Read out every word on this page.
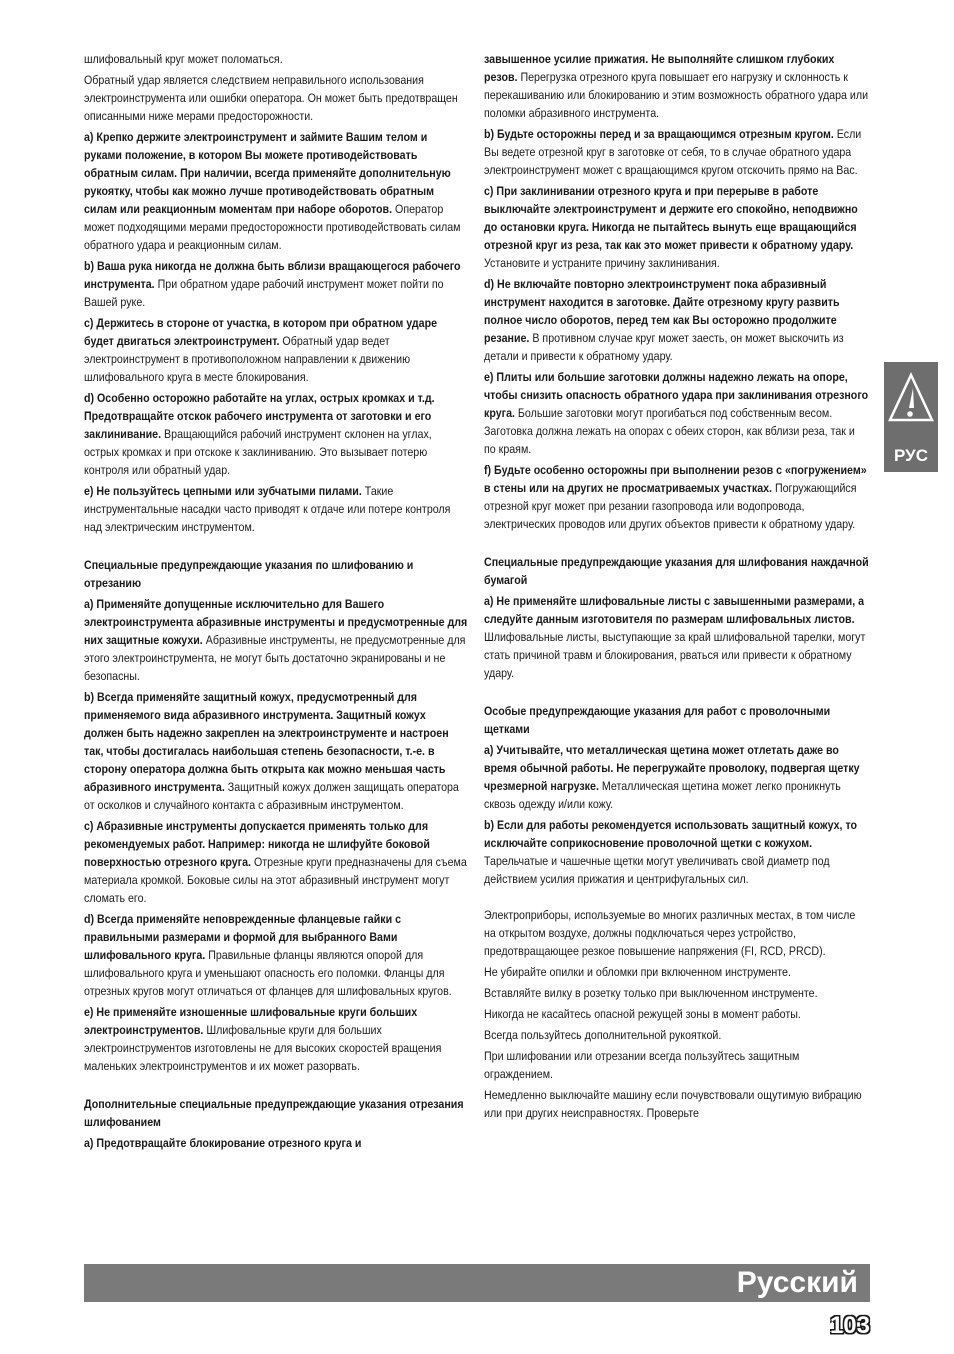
шлифовальный круг может поломаться.

Обратный удар является следствием неправильного использования электроинструмента или ошибки оператора. Он может быть предотвращен описанными ниже мерами предосторожности.

a) Крепко держите электроинструмент и займите Вашим телом и руками положение, в котором Вы можете противодействовать обратным силам. При наличии, всегда применяйте дополнительную рукоятку, чтобы как можно лучше противодействовать обратным силам или реакционным моментам при наборе оборотов. Оператор может подходящими мерами предосторожности противодействовать силам обратного удара и реакционным силам.

b) Ваша рука никогда не должна быть вблизи вращающегося рабочего инструмента. При обратном ударе рабочий инструмент может пойти по Вашей руке.

c) Держитесь в стороне от участка, в котором при обратном ударе будет двигаться электроинструмент. Обратный удар ведет электроинструмент в противоположном направлении к движению шлифовального круга в месте блокирования.

d) Особенно осторожно работайте на углах, острых кромках и т.д. Предотвращайте отскок рабочего инструмента от заготовки и его заклинивание. Вращающийся рабочий инструмент склонен на углах, острых кромках и при отскоке к заклиниванию. Это вызывает потерю контроля или обратный удар.

e) Не пользуйтесь цепными или зубчатыми пилами. Такие инструментальные насадки часто приводят к отдаче или потере контроля над электрическим инструментом.

Специальные предупреждающие указания по шлифованию и отрезанию

a) Применяйте допущенные исключительно для Вашего электроинструмента абразивные инструменты и предусмотренные для них защитные кожухи. Абразивные инструменты, не предусмотренные для этого электроинструмента, не могут быть достаточно экранированы и не безопасны.

b) Всегда применяйте защитный кожух, предусмотренный для применяемого вида абразивного инструмента. Защитный кожух должен быть надежно закреплен на электроинструменте и настроен так, чтобы достигалась наибольшая степень безопасности, т.-е. в сторону оператора должна быть открыта как можно меньшая часть абразивного инструмента. Защитный кожух должен защищать оператора от осколков и случайного контакта с абразивным инструментом.

c) Абразивные инструменты допускается применять только для рекомендуемых работ. Например: никогда не шлифуйте боковой поверхностью отрезного круга. Отрезные круги предназначены для съема материала кромкой. Боковые силы на этот абразивный инструмент могут сломать его.

d) Всегда применяйте неповрежденные фланцевые гайки с правильными размерами и формой для выбранного Вами шлифовального круга. Правильные фланцы являются опорой для шлифовального круга и уменьшают опасность его поломки. Фланцы для отрезных кругов могут отличаться от фланцев для шлифовальных кругов.

e) Не применяйте изношенные шлифовальные круги больших электроинструментов. Шлифовальные круги для больших электроинструментов изготовлены не для высоких скоростей вращения маленьких электроинструментов и их может разорвать.

Дополнительные специальные предупреждающие указания отрезания шлифованием

a) Предотвращайте блокирование отрезного круга и

завышенное усилие прижатия. Не выполняйте слишком глубоких резов. Перегрузка отрезного круга повышает его нагрузку и склонность к перекашиванию или блокированию и этим возможность обратного удара или поломки абразивного инструмента.

b) Будьте осторожны перед и за вращающимся отрезным кругом. Если Вы ведете отрезной круг в заготовке от себя, то в случае обратного удара электроинструмент может с вращающимся кругом отскочить прямо на Вас.

c) При заклинивании отрезного круга и при перерыве в работе выключайте электроинструмент и держите его спокойно, неподвижно до остановки круга. Никогда не пытайтесь вынуть еще вращающийся отрезной круг из реза, так как это может привести к обратному удару. Установите и устраните причину заклинивания.

d) Не включайте повторно электроинструмент пока абразивный инструмент находится в заготовке. Дайте отрезному кругу развить полное число оборотов, перед тем как Вы осторожно продолжите резание. В противном случае круг может заесть, он может выскочить из детали и привести к обратному удару.

e) Плиты или большие заготовки должны надежно лежать на опоре, чтобы снизить опасность обратного удара при заклинивания отрезного круга. Большие заготовки могут прогибаться под собственным весом. Заготовка должна лежать на опорах с обеих сторон, как вблизи реза, так и по краям.

f) Будьте особенно осторожны при выполнении резов с «погружением» в стены или на других не просматриваемых участках. Погружающийся отрезной круг может при резании газопровода или водопровода, электрических проводов или других объектов привести к обратному удару.

Специальные предупреждающие указания для шлифования наждачной бумагой

a) Не применяйте шлифовальные листы с завышенными размерами, а следуйте данным изготовителя по размерам шлифовальных листов. Шлифовальные листы, выступающие за край шлифовальной тарелки, могут стать причиной травм и блокирования, рваться или привести к обратному удару.

Особые предупреждающие указания для работ с проволочными щетками

a) Учитывайте, что металлическая щетина может отлетать даже во время обычной работы. Не перегружайте проволоку, подвергая щетку чрезмерной нагрузке. Металлическая щетина может легко проникнуть сквозь одежду и/или кожу.

b) Если для работы рекомендуется использовать защитный кожух, то исключайте соприкосновение проволочной щетки с кожухом. Тарельчатые и чашечные щетки могут увеличивать свой диаметр под действием усилия прижатия и центрифугальных сил.

Электроприборы, используемые во многих различных местах, в том числе на открытом воздухе, должны подключаться через устройство, предотвращающее резкое повышение напряжения (FI, RCD, PRCD).

Не убирайте опилки и обломки при включенном инструменте.

Вставляйте вилку в розетку только при выключенном инструменте.

Никогда не касайтесь опасной режущей зоны в момент работы.

Всегда пользуйтесь дополнительной рукояткой.

При шлифовании или отрезании всегда пользуйтесь защитным ограждением.

Немедленно выключайте машину если почувствовали ощутимую вибрацию или при других неисправностях. Проверьте

РУС
Русский
103
